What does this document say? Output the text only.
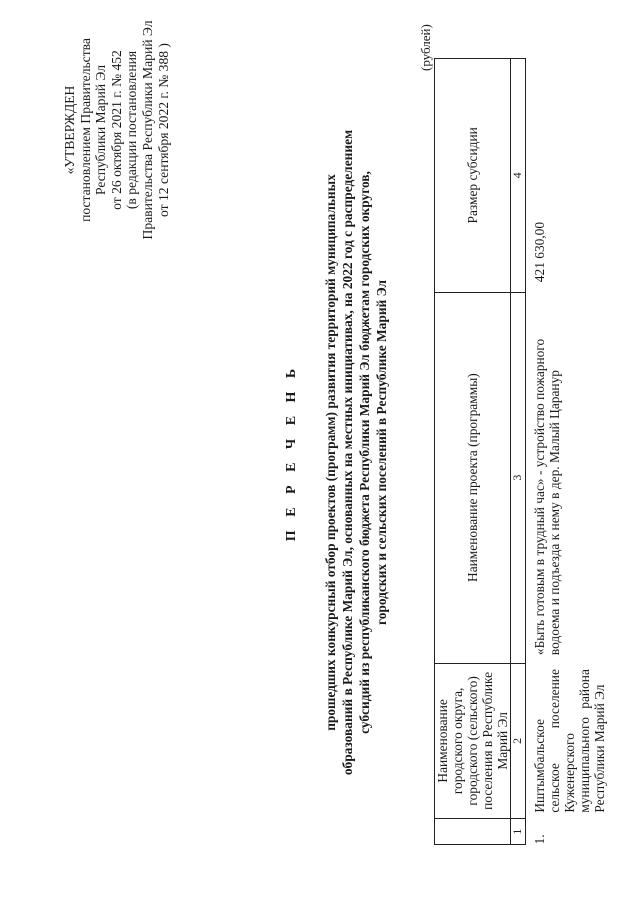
«УТВЕРЖДЕН постановлением Правительства Республики Марий Эл от 26 октября 2021 г. № 452 (в редакции постановления Правительства Республики Марий Эл от 12 сентября 2022 г. № 388 )
П Е Р Е Ч Е Н Ь прошедших конкурсный отбор проектов (программ) развития территорий муниципальных образований в Республике Марий Эл, основанных на местных инициативах, на 2022 год с распределением субсидий из республиканского бюджета Республики Марий Эл бюджетам городских округов, городских и сельских поселений в Республике Марий Эл
(рублей)
	Наименование городского округа, городского (сельского) поселения в Республике Марий Эл	Наименование проекта (программы)	Размер субсидии
1	2	3	4
1.	Иштымбальское сельское поселение Куженерского муниципального района Республики Марий Эл	«Быть готовым в трудный час» - устройство пожарного водоема и подъезда к нему в дер. Малый Царанур	421 630,00
